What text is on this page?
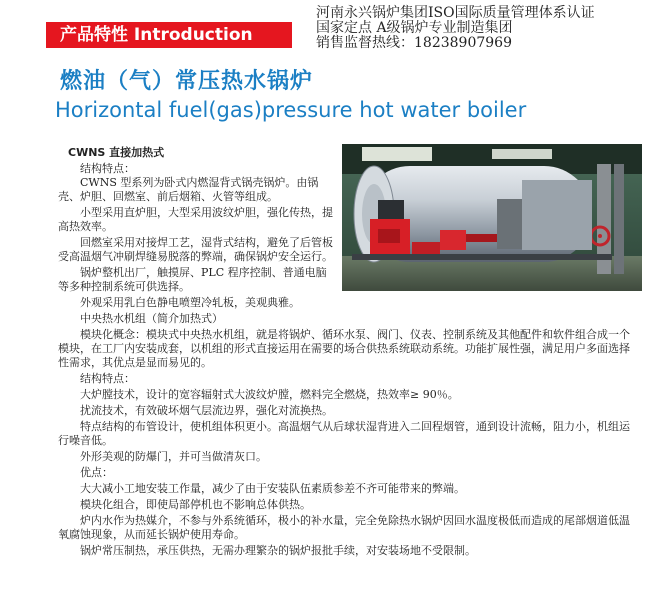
产品特性 Introduction
河南永兴锅炉集团ISO国际质量管理体系认证
国家定点 A级锅炉专业制造集团
销售监督热线：18238907969
燃油（气）常压热水锅炉
Horizontal fuel(gas)pressure hot water boiler

CWNS 直接加热式

结构特点：

CWNS 型系列为卧式内燃湿背式锅壳锅炉。由锅壳、炉胆、回燃室、前后烟箱、火管等组成。

小型采用直炉胆，大型采用波纹炉胆，强化传热，提高热效率。

回燃室采用对接焊工艺，湿背式结构，避免了后管板受高温烟气冲刷焊缝易脱落的弊端，确保锅炉安全运行。

锅炉整机出厂，触摸屏、PLC 程序控制、普通电脑等多种控制系统可供选择。

外观采用乳白色静电喷塑冷轧板，美观典雅。

中央热水机组（简介加热式）

模块化概念：模块式中央热水机组，就是将锅炉、循环水泵、阀门、仪表、控制系统及其他配件和软件组合成一个模块，在工厂内安装成套，以机组的形式直接运用在需要的场合供热系统联动系统。功能扩展性强，满足用户多面选择性需求，其优点是显而易见的。

结构特点：

大炉膛技术，设计的宽容辐射式大波纹炉膛，燃料完全燃烧，热效率≥ 90％。

扰流技术，有效破坏烟气层流边界，强化对流换热。

特点结构的布管设计，使机组体积更小。高温烟气从后球状湿背进入二回程烟管，通到设计流畅，阻力小，机组运行噪音低。

外形美观的防爆门，并可当做清灰口。

优点：

大大减小工地安装工作量，减少了由于安装队伍素质参差不齐可能带来的弊端。

模块化组合，即使局部停机也不影响总体供热。

炉内水作为热媒介，不参与外系统循环，极小的补水量，完全免除热水锅炉因回水温度极低而造成的尾部烟道低温氧腐蚀现象，从而延长锅炉使用寿命。

锅炉常压制热，承压供热，无需办理繁杂的锅炉报批手续，对安装场地不受限制。
